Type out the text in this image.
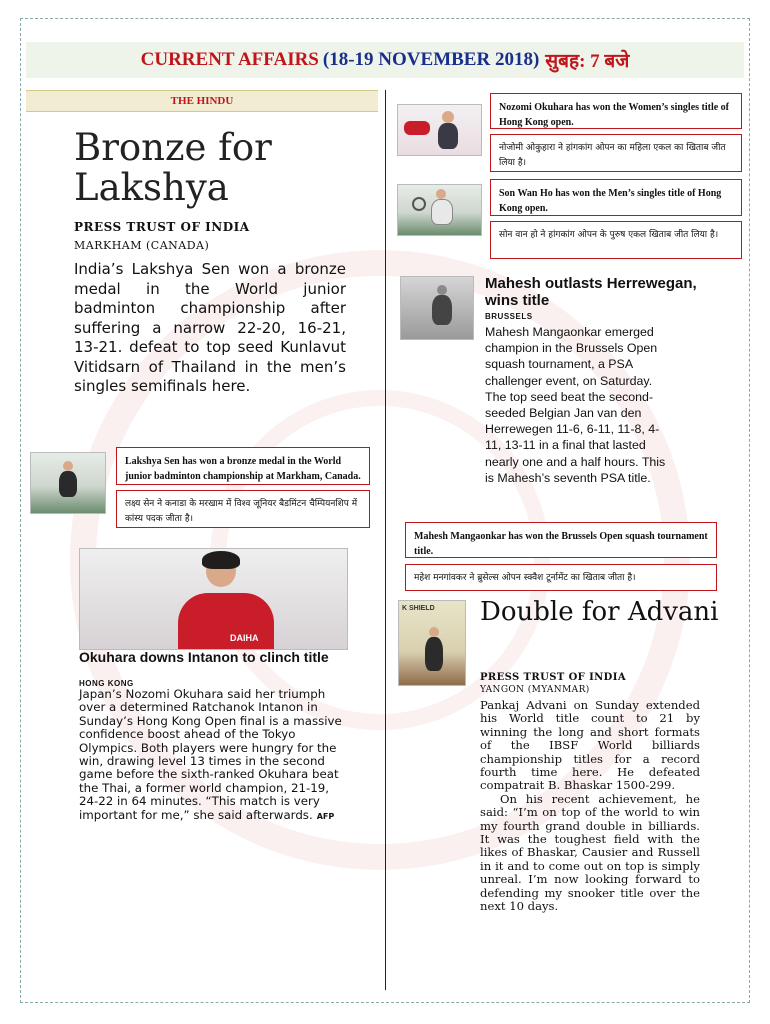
CURRENT AFFAIRS (18-19 NOVEMBER 2018) सुबह: 7 बजे
THE HINDU
Bronze for Lakshya
PRESS TRUST OF INDIA
MARKHAM (CANADA)
India’s Lakshya Sen won a bronze medal in the World junior badminton championship after suffering a narrow 22-20, 16-21, 13-21. defeat to top seed Kunlavut Vitidsarn of Thailand in the men’s singles semifinals here.
Lakshya Sen has won a bronze medal in the World junior badminton championship at Markham, Canada.
लक्ष्य सेन ने कनाडा के मरखाम में विश्व जूनियर बैडमिंटन चैम्पियनशिप में कांस्य पदक जीता है।
Nozomi Okuhara has won the Women’s singles title of Hong Kong open.
नोजोमी ओकुहारा ने हांगकांग ओपन का महिला एकल का खिताब जीत लिया है।
Son Wan Ho has won the Men’s singles title of Hong Kong open.
सोन वान हो ने हांगकांग ओपन के पुरुष एकल खिताब जीत लिया है।
Mahesh outlasts Herrewegan, wins title
BRUSSELS
Mahesh Mangaonkar emerged champion in the Brussels Open squash tournament, a PSA challenger event, on Saturday. The top seed beat the second-seeded Belgian Jan van den Herrewegen 11-6, 6-11, 11-8, 4-11, 13-11 in a final that lasted nearly one and a half hours. This is Mahesh’s seventh PSA title.
Mahesh Mangaonkar has won the Brussels Open squash tournament title.
महेश मनगांवकर ने ब्रुसेल्स ओपन स्क्वैश टूर्नामेंट का खिताब जीता है।
DAIHA
Okuhara downs Intanon to clinch title
HONG KONG
Japan’s Nozomi Okuhara said her triumph over a determined Ratchanok Intanon in Sunday’s Hong Kong Open final is a massive confidence boost ahead of the Tokyo Olympics. Both players were hungry for the win, drawing level 13 times in the second game before the sixth-ranked Okuhara beat the Thai, a former world champion, 21-19, 24-22 in 64 minutes. “This match is very important for me,” she said afterwards. AFP
K SHIELD Double for Advani
PRESS TRUST OF INDIA
YANGON (MYANMAR)

Pankaj Advani on Sunday extended his World title count to 21 by winning the long and short formats of the IBSF World billiards championship titles for a record fourth time here. He defeated compatrait B. Bhaskar 1500-299.

On his recent achievement, he said: “I’m on top of the world to win my fourth grand double in billiards. It was the toughest field with the likes of Bhaskar, Causier and Russell in it and to come out on top is simply unreal. I’m now looking forward to defending my snooker title over the next 10 days.
